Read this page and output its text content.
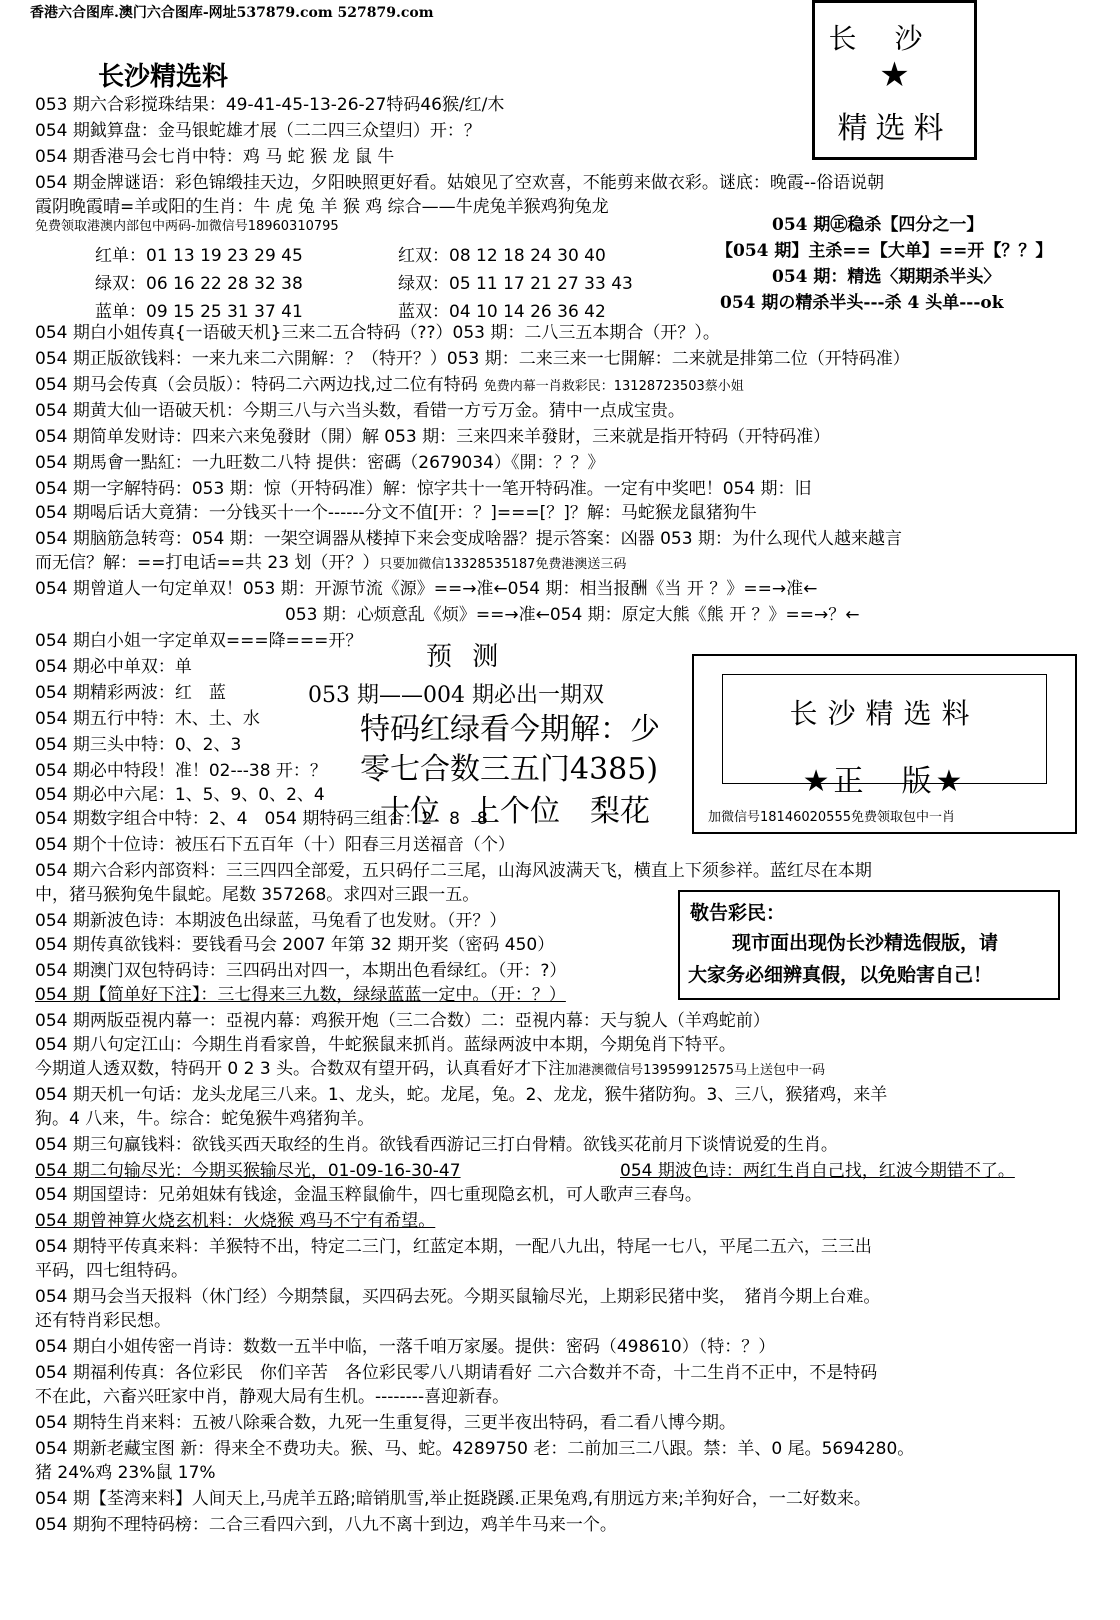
香港六合图库.澳门六合图库-网址537879.com 527879.com
长沙精选料
长沙
★
精选料
053 期六合彩搅珠结果：49-41-45-13-26-27特码46猴/红/木
054 期鉞算盘：金马银蛇雄才展（二二四三众望归）开：？
054 期香港马会七肖中特：鸡 马 蛇 猴 龙 鼠 牛
054 期金牌谜语：彩色锦缎挂天边，夕阳映照更好看。姑娘见了空欢喜，不能剪来做衣彩。谜底：晚霞--俗语说朝
霞阴晚霞晴=羊或阳的生肖：牛 虎 兔 羊 猴 鸡 综合——牛虎兔羊猴鸡狗兔龙
免费领取港澳内部包中两码-加微信号18960310795	054 期㊣稳杀【四分之一】
【054 期】主杀==【大单】==开【？？】
054 期：精选〈期期杀半头〉
054 期の精杀半头---杀 4 头单---ok
红单：01 13 19 23 29 45
绿双：06 16 22 28 32 38
蓝单：09 15 25 31 37 41
红双：08 12 18 24 30 40
绿双：05 11 17 21 27 33 43
蓝双：04 10 14 26 36 42
054 期白小姐传真{一语破天机}三来二五合特码（??）053 期：二八三五本期合（开？）。
054 期正版欲钱料：一来九来二六開解：？（特开？）053 期：二来三来一七開解：二来就是排第二位（开特码准）
054 期马会传真（会员版）：特码二六两边找,过二位有特码 免费内幕一肖救彩民：13128723503蔡小姐
054 期黄大仙一语破天机：今期三八与六当头数，看错一方亏万金。猜中一点成宝贵。
054 期简单发财诗：四来六来兔發財（開）解 053 期：三来四来羊發財，三来就是指开特码（开特码准）
054 期馬會一點紅：一九旺数二八特 提供：密碼（2679034）《開：？？》
054 期一字解特码：053 期：惊（开特码准）解：惊字共十一笔开特码准。一定有中奖吧！054 期：旧
054 期喝后话大竟猜：一分钱买十一个------分文不值[开：？]===[？]？解：马蛇猴龙鼠猪狗牛
054 期脑筋急转弯：054 期：一架空调器从楼掉下来会变成啥器？提示答案：凶器 053 期：为什么现代人越来越言
而无信？解：==打电话==共 23 划（开？）只要加微信13328535187免费港澳送三码
054 期曾道人一句定单双！053 期：开源节流《源》==→准←054 期：相当报酬《当 开 ？》==→准←
053 期：心烦意乱《烦》==→准←054 期：原定大熊《熊 开 ？》==→？←
054 期白小姐一字定单双===降===开？
054 期必中单双：单
054 期精彩两波：红　蓝
054 期五行中特：木、土、水
054 期三头中特：0、2、3
054 期必中特段！准！02---38 开：？
054 期必中六尾：1、5、9、0、2、4
054 期数字组合中特：2、4　054 期特码三组合：2　8　8
054 期个十位诗：被压石下五百年（十）阳春三月送福音（个）
054 期六合彩内部资料：三三四四全部爱，五只码仔二三尾，山海风波满天飞，横直上下须参祥。蓝红尽在本期
中，猪马猴狗兔牛鼠蛇。尾数 357268。求四对三跟一五。
054 期新波色诗：本期波色出绿蓝，马兔看了也发财。（开？）
054 期传真欲钱料：要钱看马会 2007 年第 32 期开奖（密码 450）
054 期澳门双包特码诗：三四码出对四一，本期出色看绿红。（开：?）
054 期【简单好下注】：三七得来三九数，绿绿蓝蓝一定中。（开：？）
054 期两版亞視内幕一：亞視内幕：鸡猴开炮（三二合数）二：亞視内幕：天与貌人（羊鸡蛇前）
054 期八句定江山：今期生肖看家兽，牛蛇猴鼠来抓肖。蓝绿两波中本期，今期兔肖下特平。
今期道人透双数，特码开 0 2 3 头。合数双有望开码，认真看好才下注加港澳微信号13959912575马上送包中一码
054 期天机一句话：龙头龙尾三八来。1、龙头，蛇。龙尾，兔。2、龙龙，猴牛猪防狗。3、三八，猴猪鸡，来羊
狗。4 八来，牛。综合：蛇兔猴牛鸡猪狗羊。
054 期三句赢钱料：欲钱买西天取经的生肖。欲钱看西游记三打白骨精。欲钱买花前月下谈情说爱的生肖。
054 期二句输尽光：今期买猴输尽光，01-09-16-30-47	054 期波色诗：两红生肖自己找，红波今期错不了。
054 期国望诗：兄弟姐妹有钱途，金温玉粹鼠偷牛，四七重现隐玄机，可人歌声三春鸟。
054 期曾神算火烧玄机料：火烧猴 鸡马不宁有希望。
054 期特平传真来料：羊猴特不出，特定二三门，红蓝定本期，一配八九出，特尾一七八，平尾二五六，三三出
平码，四七组特码。
054 期马会当天报料（休门经）今期禁鼠，买四码去死。今期买鼠输尽光，上期彩民猪中奖，　猪肖今期上台难。
还有特肖彩民想。
054 期白小姐传密一肖诗：数数一五半中临，一落千咱万家屡。提供：密码（498610）（特：？）
054 期福利传真：各位彩民　你们辛苦　各位彩民零八八期请看好 二六合数并不奇，十二生肖不正中，不是特码
不在此，六畜兴旺家中肖，静观大局有生机。--------喜迎新春。
054 期特生肖来料：五被八除乘合数，九死一生重复得，三更半夜出特码，看二看八博今期。
054 期新老藏宝图 新：得来全不费功夫。猴、马、蛇。4289750 老：二前加三二八跟。禁：羊、0 尾。5694280。
猪 24%鸡 23%鼠 17%
054 期【荃湾来料】人间天上,马虎羊五路;暗销肌雪,举止挺跷蹊.正果兔鸡,有朋远方来;羊狗好合，一二好数来。
054 期狗不理特码榜：二合三看四六到，八九不离十到边，鸡羊牛马来一个。
预 测
053 期——004 期必出一期双
特码红绿看今期解：少
零七合数三五门4385)
十位　上个位　梨花
长沙精选料
★正　版★
加微信号18146020555免费领取包中一肖
敬告彩民：
现市面出现伪长沙精选假版，请
大家务必细辨真假，以免贻害自己！
